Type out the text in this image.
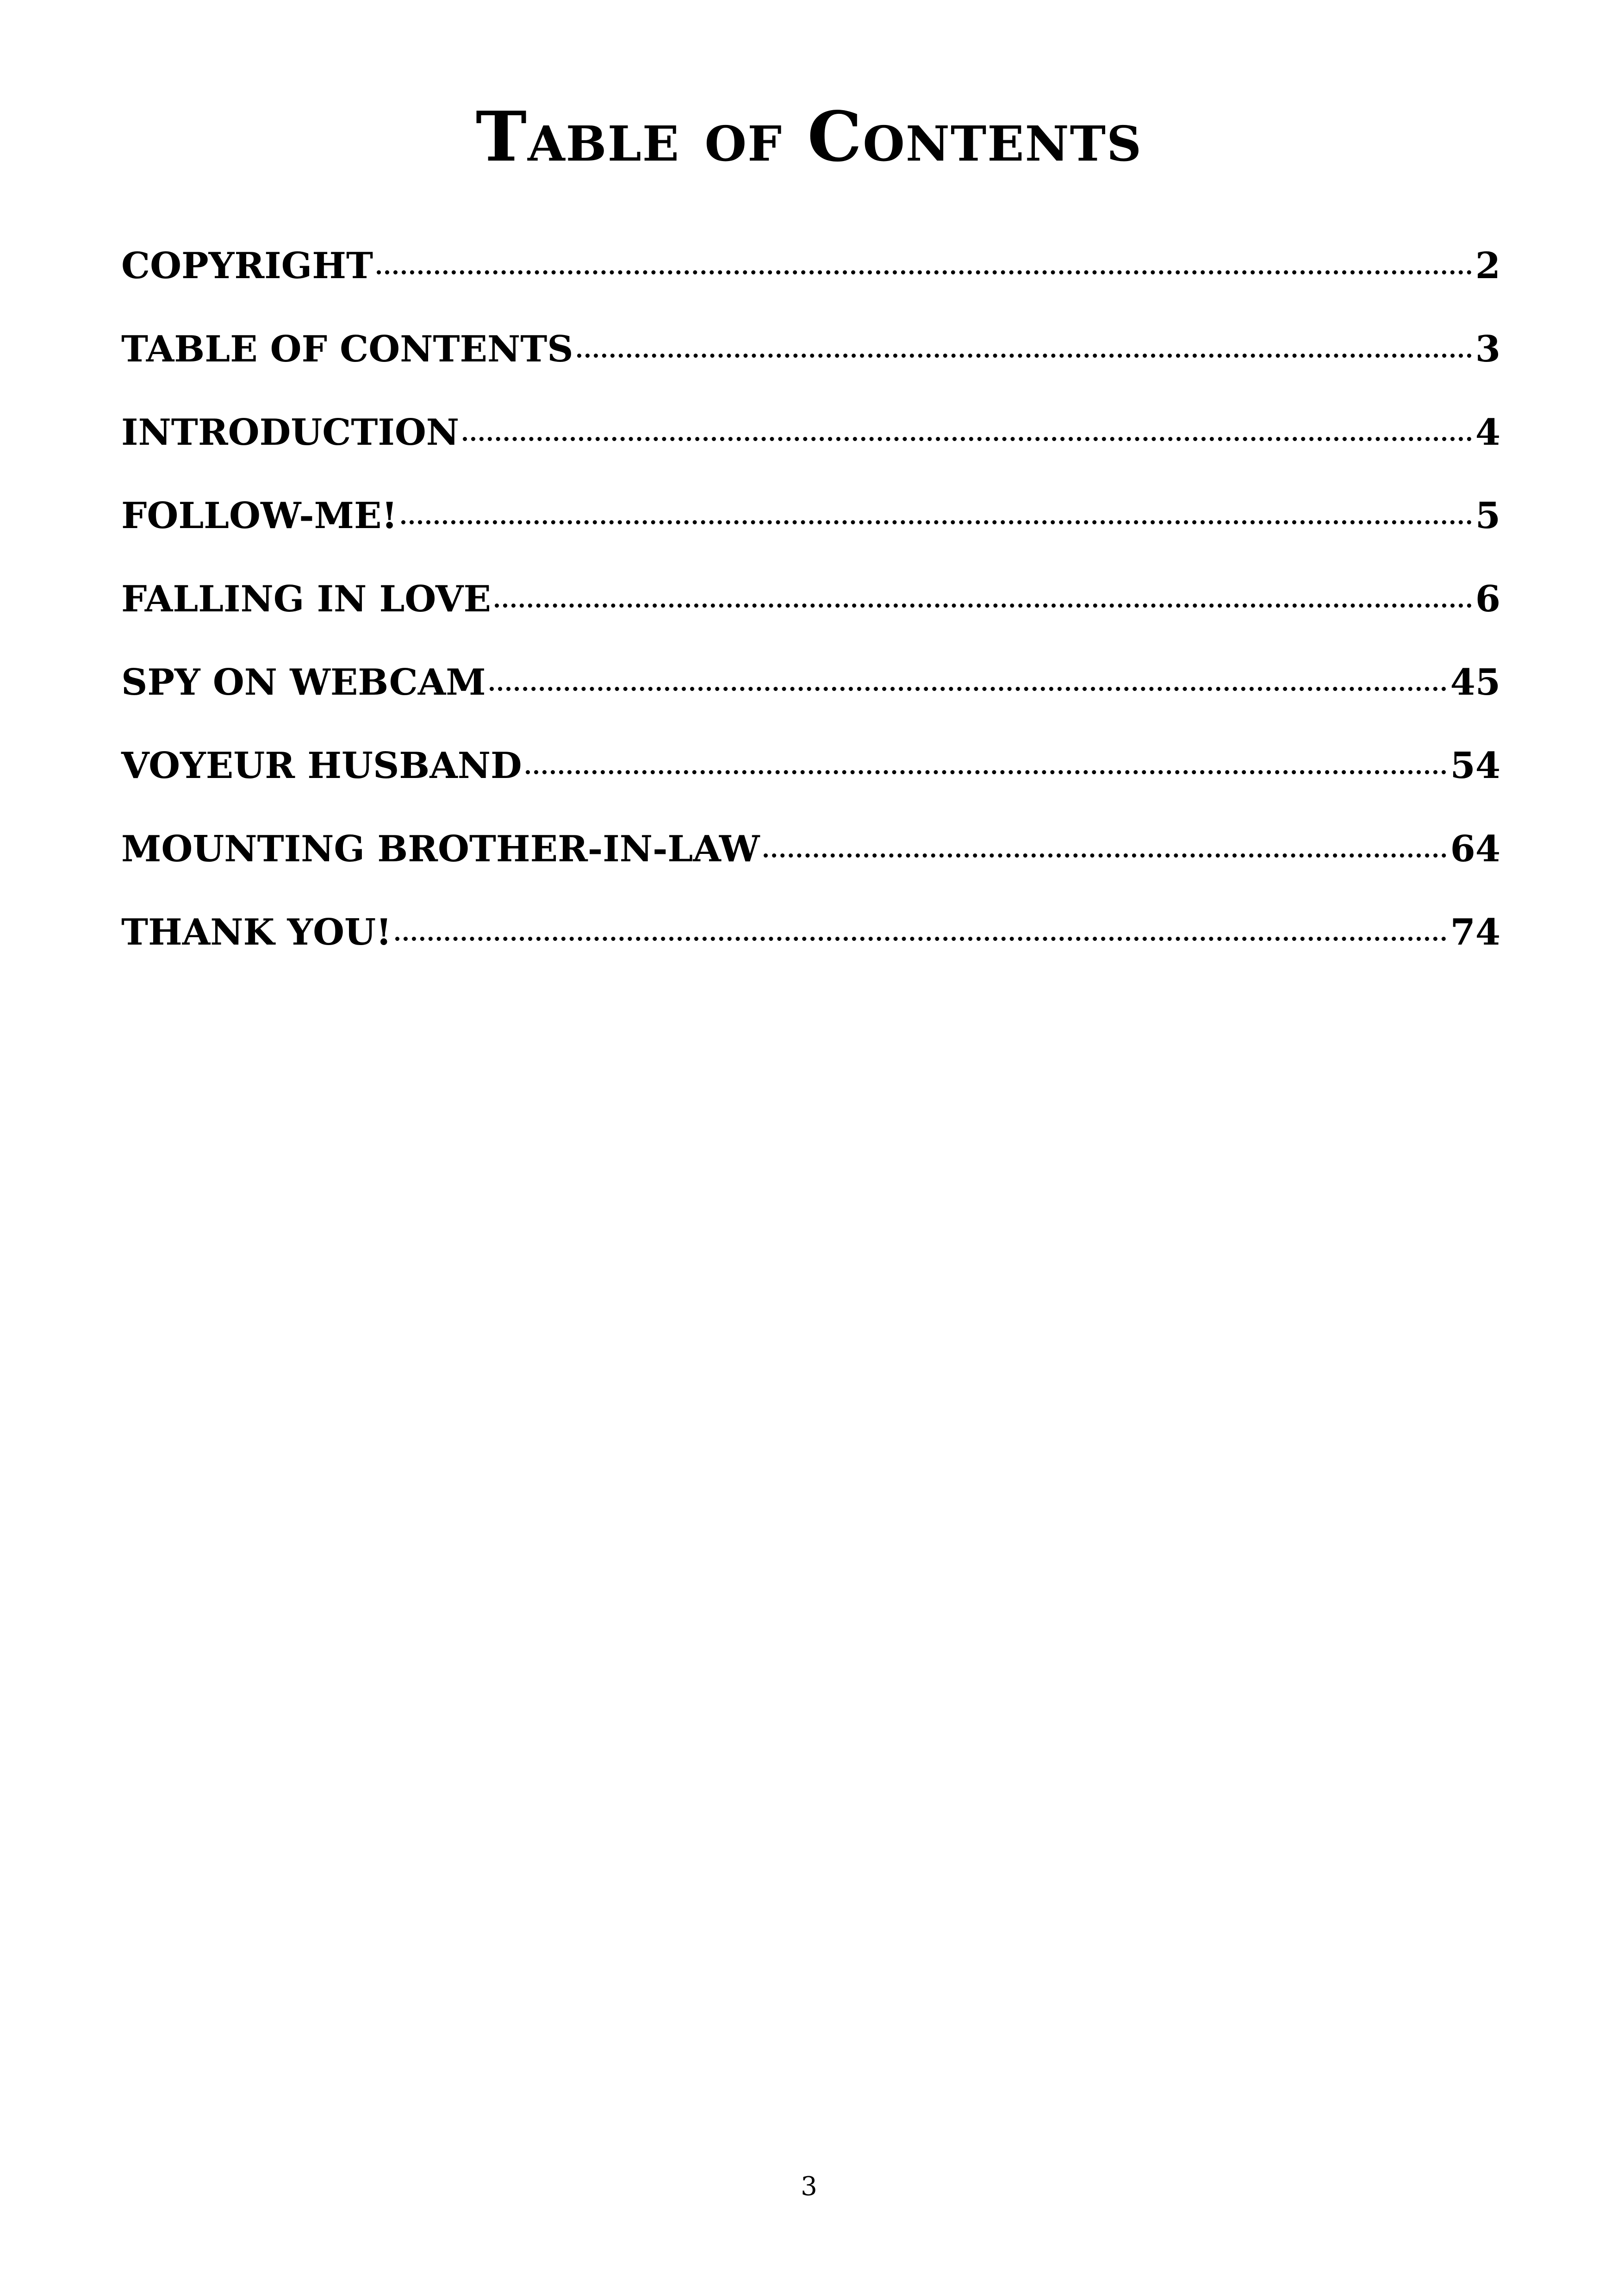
Table of Contents
COPYRIGHT	2
TABLE OF CONTENTS	3
INTRODUCTION	4
FOLLOW-ME!	5
FALLING IN LOVE	6
SPY ON WEBCAM	45
VOYEUR HUSBAND	54
MOUNTING BROTHER-IN-LAW	64
THANK YOU!	74
3
